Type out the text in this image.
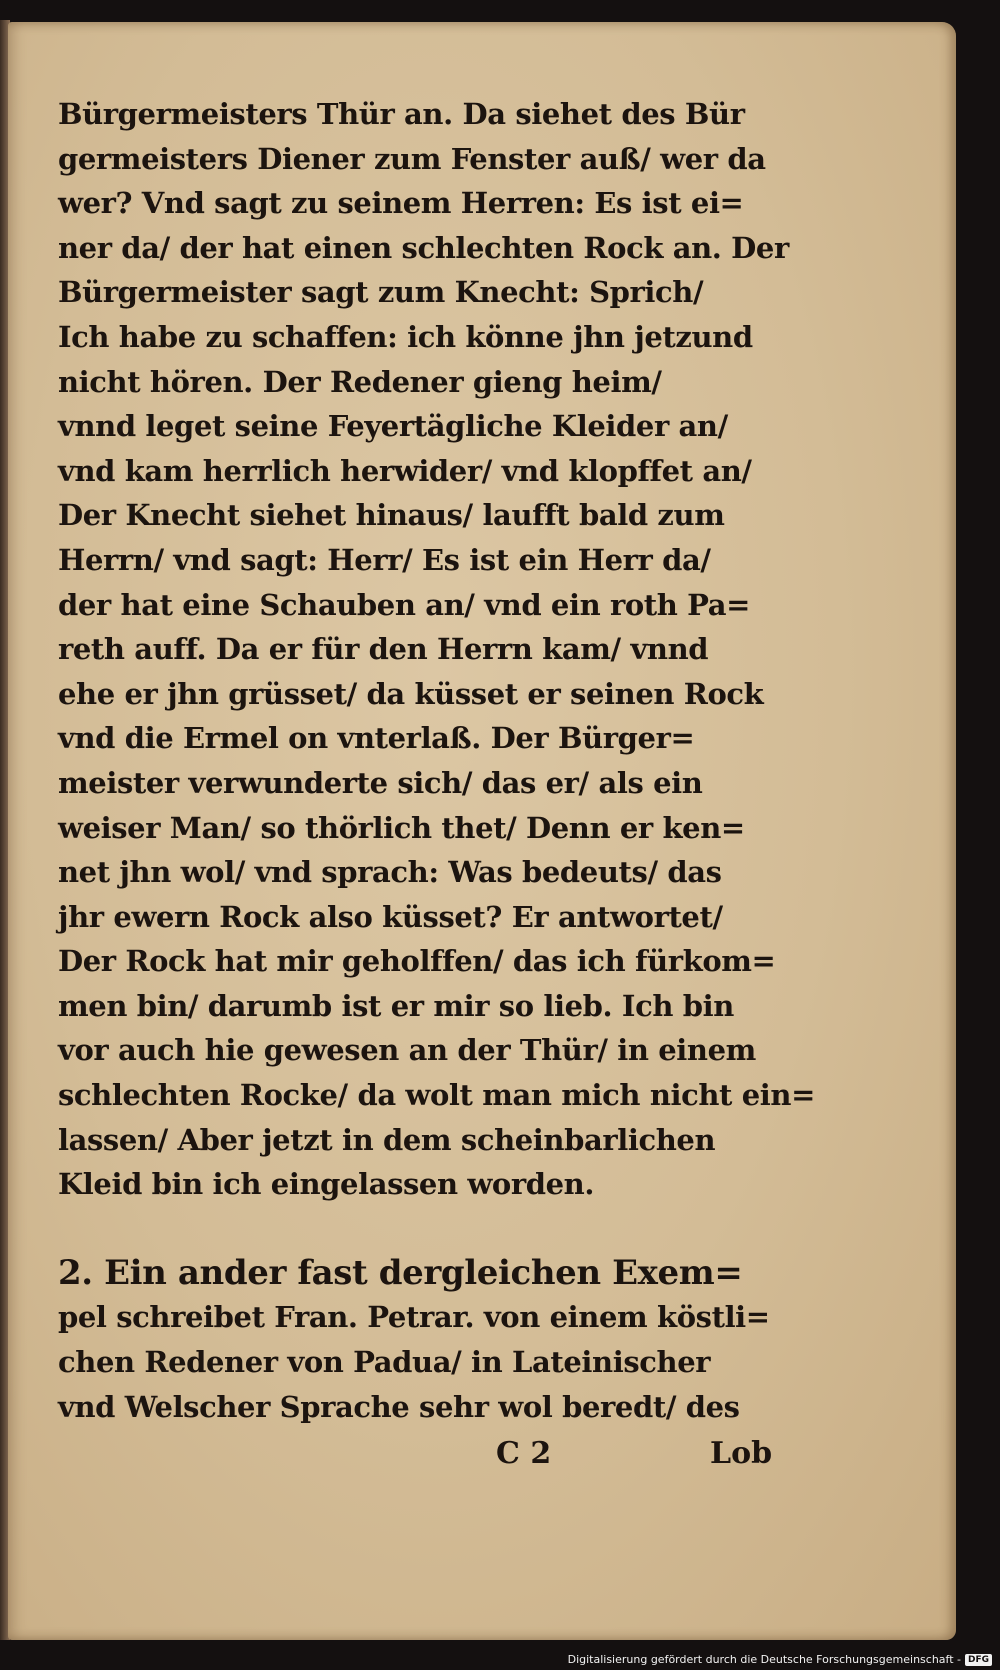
Bürgermeisters Thür an. Da siehet des Bür
germeisters Diener zum Fenster auß/ wer da
wer? Vnd sagt zu seinem Herren: Es ist ei=
ner da/ der hat einen schlechten Rock an. Der
Bürgermeister sagt zum Knecht: Sprich/
Ich habe zu schaffen: ich könne jhn jetzund
nicht hören. Der Redener gieng heim/
vnnd leget seine Feyertägliche Kleider an/
vnd kam herrlich herwider/ vnd klopffet an/
Der Knecht siehet hinaus/ laufft bald zum
Herrn/ vnd sagt: Herr/ Es ist ein Herr da/
der hat eine Schauben an/ vnd ein roth Pa=
reth auff. Da er für den Herrn kam/ vnnd
ehe er jhn grüsset/ da küsset er seinen Rock
vnd die Ermel on vnterlaß. Der Bürger=
meister verwunderte sich/ das er/ als ein
weiser Man/ so thörlich thet/ Denn er ken=
net jhn wol/ vnd sprach: Was bedeuts/ das
jhr ewern Rock also küsset? Er antwortet/
Der Rock hat mir geholffen/ das ich fürkom=
men bin/ darumb ist er mir so lieb. Ich bin
vor auch hie gewesen an der Thür/ in einem
schlechten Rocke/ da wolt man mich nicht ein=
lassen/ Aber jetzt in dem scheinbarlichen
Kleid bin ich eingelassen worden.
2. Ein ander fast dergleichen Exem=
pel schreibet Fran. Petrar. von einem köstli=
chen Redener von Padua/ in Lateinischer
vnd Welscher Sprache sehr wol beredt/ des
C 2	Lob
Digitalisierung gefördert durch die Deutsche Forschungsgemeinschaft - DFG
